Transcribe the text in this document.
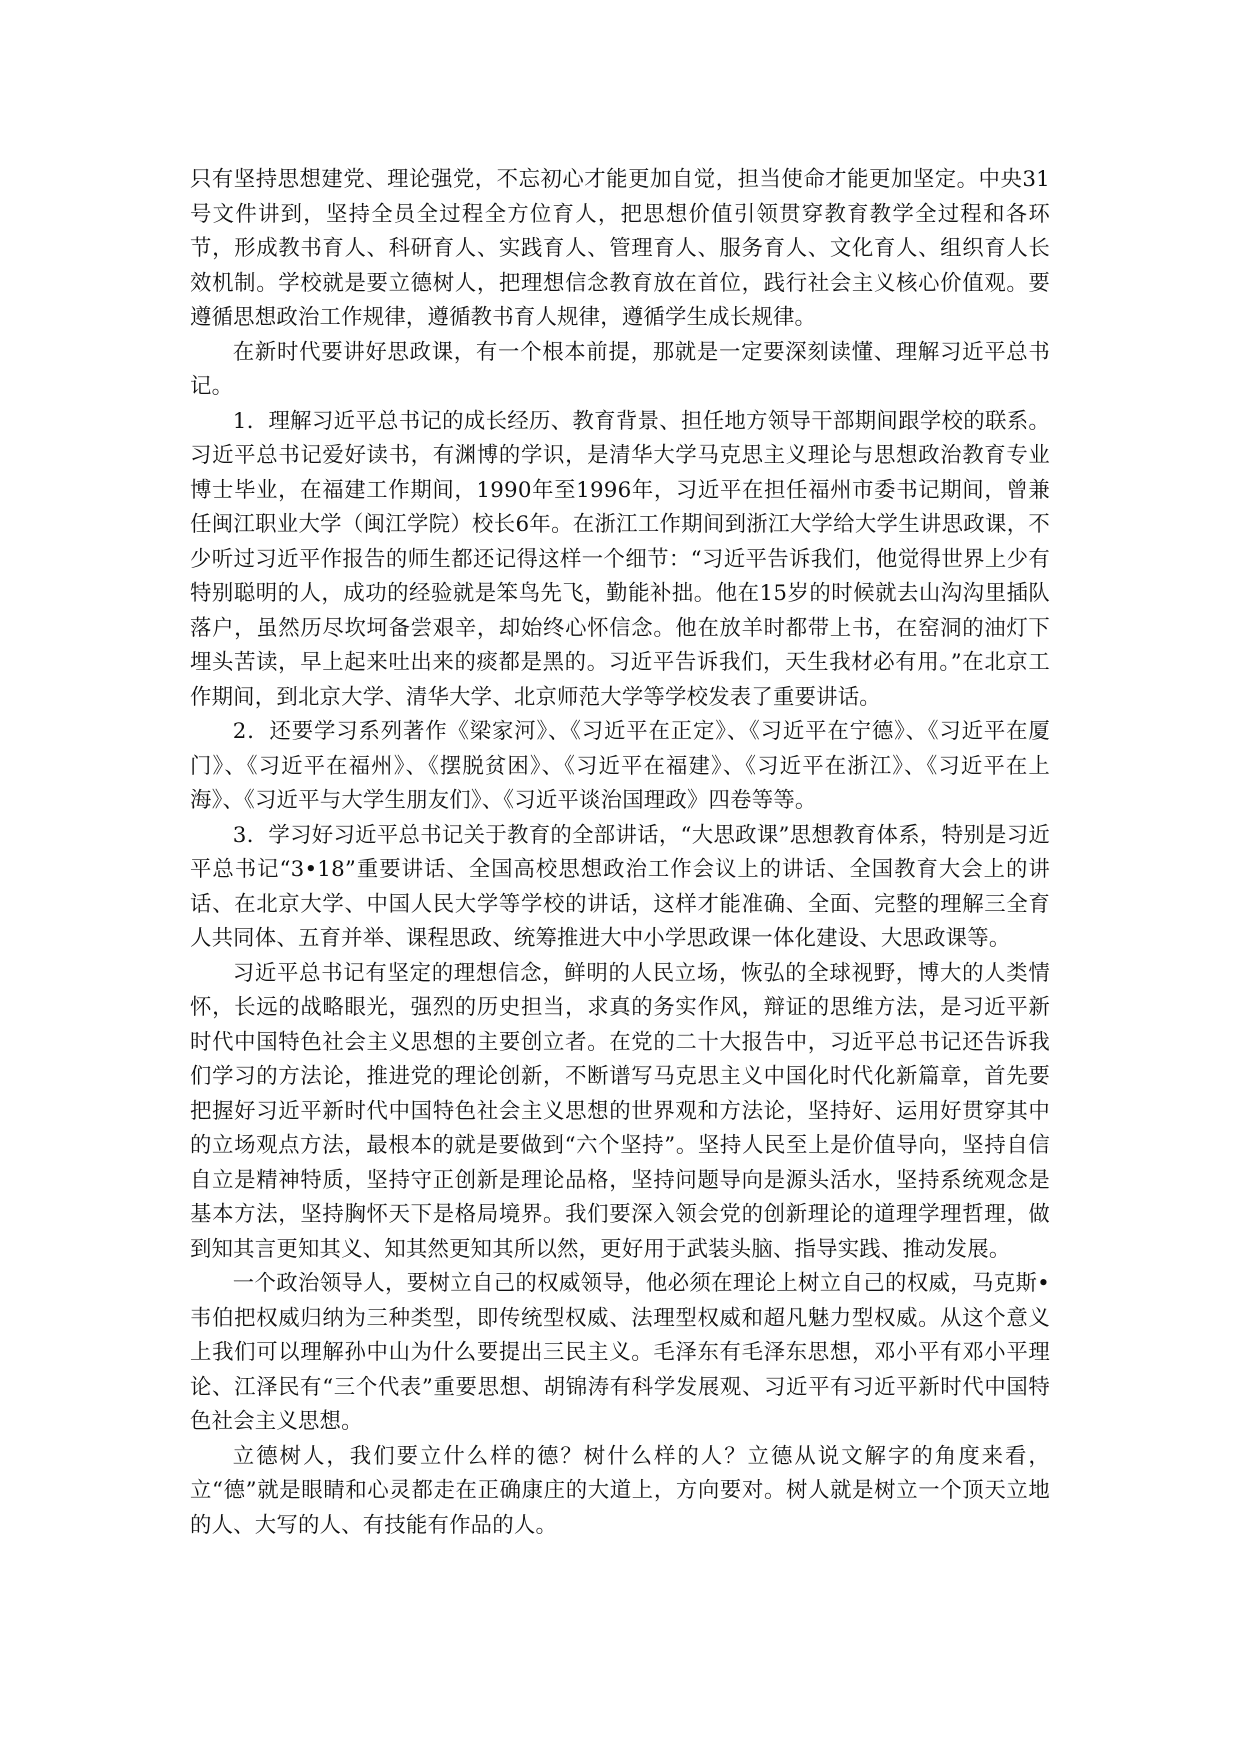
只有坚持思想建党、理论强党，不忘初心才能更加自觉，担当使命才能更加坚定。中央31号文件讲到，坚持全员全过程全方位育人，把思想价值引领贯穿教育教学全过程和各环节，形成教书育人、科研育人、实践育人、管理育人、服务育人、文化育人、组织育人长效机制。学校就是要立德树人，把理想信念教育放在首位，践行社会主义核心价值观。要遵循思想政治工作规律，遵循教书育人规律，遵循学生成长规律。

在新时代要讲好思政课，有一个根本前提，那就是一定要深刻读懂、理解习近平总书记。

1．理解习近平总书记的成长经历、教育背景、担任地方领导干部期间跟学校的联系。习近平总书记爱好读书，有渊博的学识，是清华大学马克思主义理论与思想政治教育专业博士毕业，在福建工作期间，1990年至1996年，习近平在担任福州市委书记期间，曾兼任闽江职业大学（闽江学院）校长6年。在浙江工作期间到浙江大学给大学生讲思政课，不少听过习近平作报告的师生都还记得这样一个细节：“习近平告诉我们，他觉得世界上少有特别聪明的人，成功的经验就是笨鸟先飞，勤能补拙。他在15岁的时候就去山沟沟里插队落户，虽然历尽坎坷备尝艰辛，却始终心怀信念。他在放羊时都带上书，在窑洞的油灯下埋头苦读，早上起来吐出来的痰都是黑的。习近平告诉我们，天生我材必有用。”在北京工作期间，到北京大学、清华大学、北京师范大学等学校发表了重要讲话。

2．还要学习系列著作《梁家河》、《习近平在正定》、《习近平在宁德》、《习近平在厦门》、《习近平在福州》、《摆脱贫困》、《习近平在福建》、《习近平在浙江》、《习近平在上海》、《习近平与大学生朋友们》、《习近平谈治国理政》四卷等等。

3．学习好习近平总书记关于教育的全部讲话，“大思政课”思想教育体系，特别是习近平总书记“3•18”重要讲话、全国高校思想政治工作会议上的讲话、全国教育大会上的讲话、在北京大学、中国人民大学等学校的讲话，这样才能准确、全面、完整的理解三全育人共同体、五育并举、课程思政、统筹推进大中小学思政课一体化建设、大思政课等。

习近平总书记有坚定的理想信念，鲜明的人民立场，恢弘的全球视野，博大的人类情怀，长远的战略眼光，强烈的历史担当，求真的务实作风，辩证的思维方法，是习近平新时代中国特色社会主义思想的主要创立者。在党的二十大报告中，习近平总书记还告诉我们学习的方法论，推进党的理论创新，不断谱写马克思主义中国化时代化新篇章，首先要把握好习近平新时代中国特色社会主义思想的世界观和方法论，坚持好、运用好贯穿其中的立场观点方法，最根本的就是要做到“六个坚持”。坚持人民至上是价值导向，坚持自信自立是精神特质，坚持守正创新是理论品格，坚持问题导向是源头活水，坚持系统观念是基本方法，坚持胸怀天下是格局境界。我们要深入领会党的创新理论的道理学理哲理，做到知其言更知其义、知其然更知其所以然，更好用于武装头脑、指导实践、推动发展。

一个政治领导人，要树立自己的权威领导，他必须在理论上树立自己的权威，马克斯•韦伯把权威归纳为三种类型，即传统型权威、法理型权威和超凡魅力型权威。从这个意义上我们可以理解孙中山为什么要提出三民主义。毛泽东有毛泽东思想，邓小平有邓小平理论、江泽民有“三个代表”重要思想、胡锦涛有科学发展观、习近平有习近平新时代中国特色社会主义思想。

立德树人，我们要立什么样的德？树什么样的人？立德从说文解字的角度来看，立“德”就是眼睛和心灵都走在正确康庄的大道上，方向要对。树人就是树立一个顶天立地的人、大写的人、有技能有作品的人。
